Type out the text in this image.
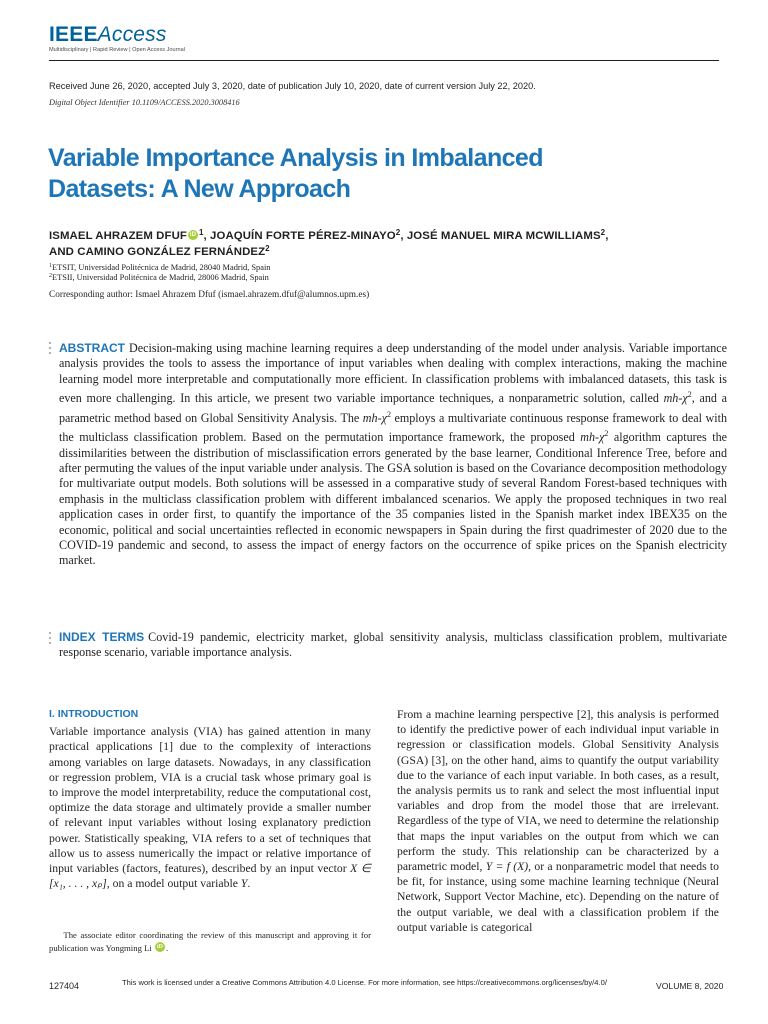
IEEEAccess
Multidisciplinary | Rapid Review | Open Access Journal
Received June 26, 2020, accepted July 3, 2020, date of publication July 10, 2020, date of current version July 22, 2020.
Digital Object Identifier 10.1109/ACCESS.2020.3008416
Variable Importance Analysis in Imbalanced Datasets: A New Approach
ISMAEL AHRAZEM DFUF iD $^1$, JOAQUÍN FORTE PÉREZ-MINAYO$^2$, JOSÉ MANUEL MIRA MCWILLIAMS$^2$,
AND CAMINO GONZÁLEZ FERNÁNDEZ$^2$
$^1$ETSIT, Universidad Politécnica de Madrid, 28040 Madrid, Spain
$^2$ETSII, Universidad Politécnica de Madrid, 28006 Madrid, Spain
Corresponding author: Ismael Ahrazem Dfuf (ismael.ahrazem.dfuf@alumnos.upm.es)
ABSTRACT Decision-making using machine learning requires a deep understanding of the model under analysis. Variable importance analysis provides the tools to assess the importance of input variables when dealing with complex interactions, making the machine learning model more interpretable and computationally more efficient. In classification problems with imbalanced datasets, this task is even more challenging. In this article, we present two variable importance techniques, a nonparametric solution, called $mh-\chi^2$, and a parametric method based on Global Sensitivity Analysis. The $mh-\chi^2$ employs a multivariate continuous response framework to deal with the multiclass classification problem. Based on the permutation importance framework, the proposed $mh-\chi^2$ algorithm captures the dissimilarities between the distribution of misclassification errors generated by the base learner, Conditional Inference Tree, before and after permuting the values of the input variable under analysis. The GSA solution is based on the Covariance decomposition methodology for multivariate output models. Both solutions will be assessed in a comparative study of several Random Forest-based techniques with emphasis in the multiclass classification problem with different imbalanced scenarios. We apply the proposed techniques in two real application cases in order first, to quantify the importance of the 35 companies listed in the Spanish market index IBEX35 on the economic, political and social uncertainties reflected in economic newspapers in Spain during the first quadrimester of 2020 due to the COVID-19 pandemic and second, to assess the impact of energy factors on the occurrence of spike prices on the Spanish electricity market.
INDEX TERMS Covid-19 pandemic, electricity market, global sensitivity analysis, multiclass classification problem, multivariate response scenario, variable importance analysis.
I. INTRODUCTION
Variable importance analysis (VIA) has gained attention in many practical applications [1] due to the complexity of interactions among variables on large datasets. Nowadays, in any classification or regression problem, VIA is a crucial task whose primary goal is to improve the model interpretability, reduce the computational cost, optimize the data storage and ultimately provide a smaller number of relevant input variables without losing explanatory prediction power. Statistically speaking, VIA refers to a set of techniques that allow us to assess numerically the impact or relative importance of input variables (factors, features), described by an input vector X ∈ [x₁, . . . , xₚ], on a model output variable Y.
The associate editor coordinating the review of this manuscript and approving it for publication was Yongming Li iD .
From a machine learning perspective [2], this analysis is performed to identify the predictive power of each individual input variable in regression or classification models. Global Sensitivity Analysis (GSA) [3], on the other hand, aims to quantify the output variability due to the variance of each input variable. In both cases, as a result, the analysis permits us to rank and select the most influential input variables and drop from the model those that are irrelevant. Regardless of the type of VIA, we need to determine the relationship that maps the input variables on the output from which we can perform the study. This relationship can be characterized by a parametric model, Y = f (X), or a nonparametric model that needs to be fit, for instance, using some machine learning technique (Neural Network, Support Vector Machine, etc). Depending on the nature of the output variable, we deal with a classification problem if the output variable is categorical
127404	This work is licensed under a Creative Commons Attribution 4.0 License. For more information, see https://creativecommons.org/licenses/by/4.0/	VOLUME 8, 2020
